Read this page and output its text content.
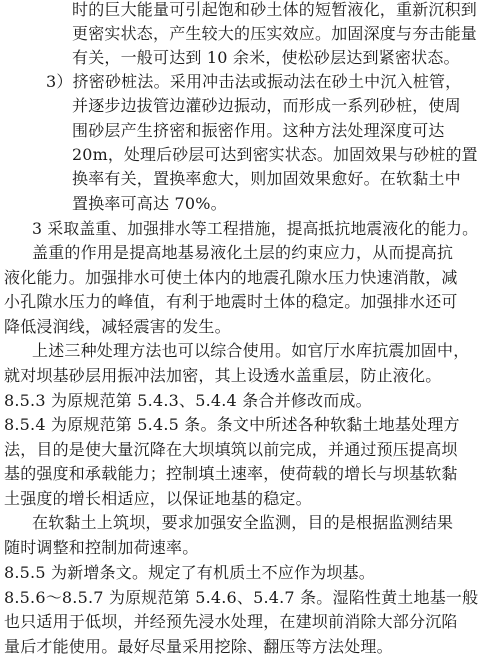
时的巨大能量可引起饱和砂土体的短暂液化，重新沉积到
更密实状态，产生较大的压实效应。加固深度与夯击能量
有关，一般可达到 10 余米，使松砂层达到紧密状态。
3）挤密砂桩法。采用冲击法或振动法在砂土中沉入桩管，
并逐步边拔管边灌砂边振动，而形成一系列砂桩，使周
围砂层产生挤密和振密作用。这种方法处理深度可达
20m，处理后砂层可达到密实状态。加固效果与砂桩的置
换率有关，置换率愈大，则加固效果愈好。在软黏土中
置换率可高达 70%。
3 采取盖重、加强排水等工程措施，提高抵抗地震液化的能力。
盖重的作用是提高地基易液化土层的约束应力，从而提高抗
液化能力。加强排水可使土体内的地震孔隙水压力快速消散，减
小孔隙水压力的峰值，有利于地震时土体的稳定。加强排水还可
降低浸润线，减轻震害的发生。
上述三种处理方法也可以综合使用。如官厅水库抗震加固中，
就对坝基砂层用振冲法加密，其上设透水盖重层，防止液化。
8.5.3 为原规范第 5.4.3、5.4.4 条合并修改而成。
8.5.4 为原规范第 5.4.5 条。条文中所述各种软黏土地基处理方
法，目的是使大量沉降在大坝填筑以前完成，并通过预压提高坝
基的强度和承载能力；控制填土速率，使荷载的增长与坝基软黏
土强度的增长相适应，以保证地基的稳定。
在软黏土上筑坝，要求加强安全监测，目的是根据监测结果
随时调整和控制加荷速率。
8.5.5 为新增条文。规定了有机质土不应作为坝基。
8.5.6～8.5.7 为原规范第 5.4.6、5.4.7 条。湿陷性黄土地基一般
也只适用于低坝，并经预先浸水处理，在建坝前消除大部分沉陷
量后才能使用。最好尽量采用挖除、翻压等方法处理。
